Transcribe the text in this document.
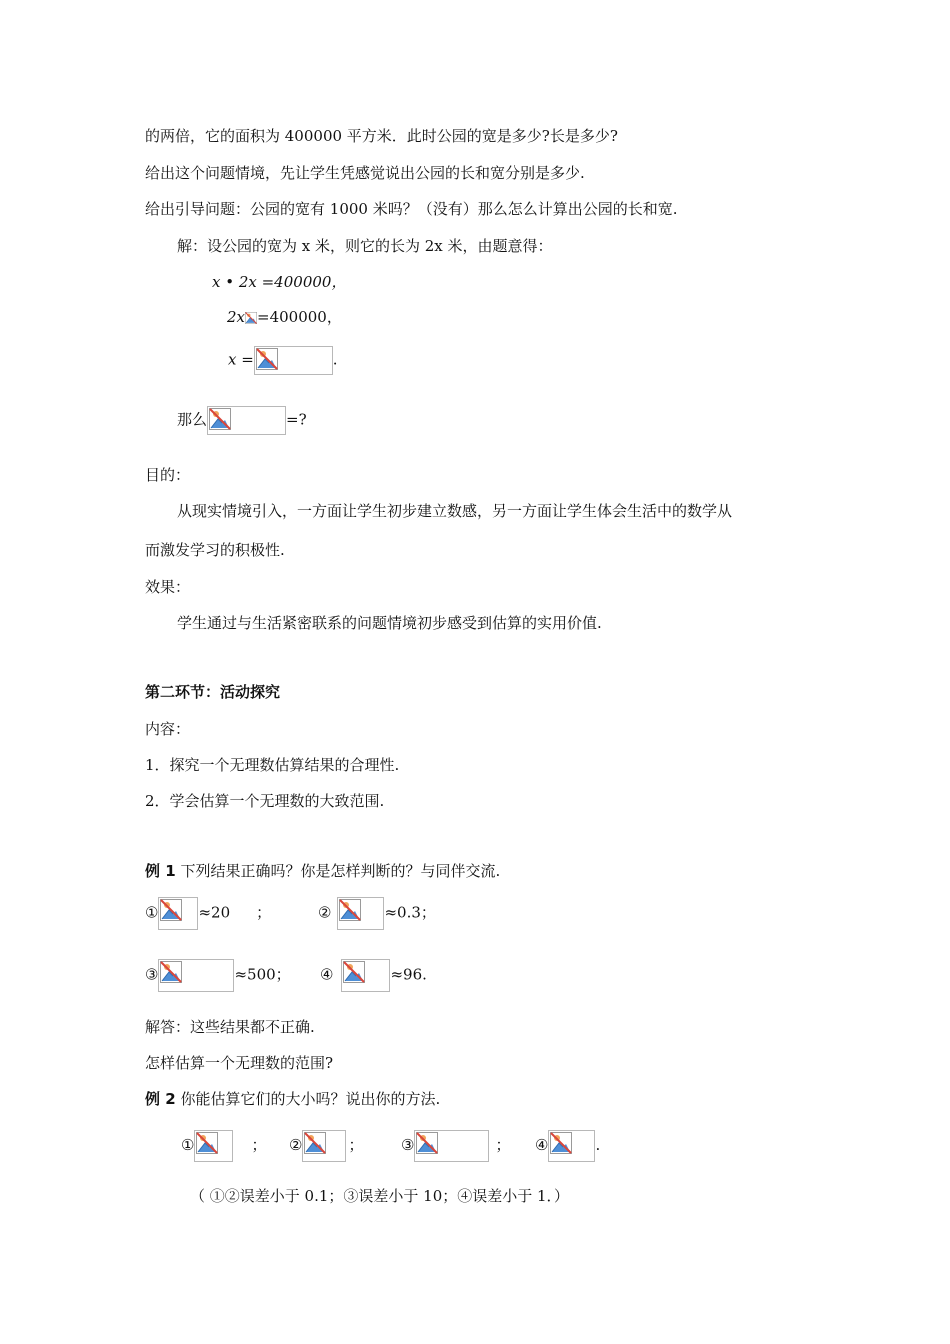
的两倍，它的面积为 400000 平方米．此时公园的宽是多少?长是多少?
给出这个问题情境，先让学生凭感觉说出公园的长和宽分别是多少.
给出引导问题：公园的宽有 1000 米吗？（没有）那么怎么计算出公园的长和宽.
解：设公园的宽为 x 米，则它的长为 2x 米，由题意得：
x • 2x =400000，
2x =400000，
x =	.
那么	=?
目的：
从现实情境引入，一方面让学生初步建立数感，另一方面让学生体会生活中的数学从
而激发学习的积极性.
效果：
学生通过与生活紧密联系的问题情境初步感受到估算的实用价值.
第二环节：活动探究
内容：
1．探究一个无理数估算结果的合理性.
2．学会估算一个无理数的大致范围.
例 1 下列结果正确吗？你是怎样判断的？与同伴交流.
①	≈20 ；	②	≈0.3；
③	≈500； ④	≈96.
解答：这些结果都不正确.
怎样估算一个无理数的范围?
例 2 你能估算它们的大小吗？说出你的方法.
①	； ②	；	③	； ④	.
（ ①②误差小于 0.1；③误差小于 10；④误差小于 1．）
